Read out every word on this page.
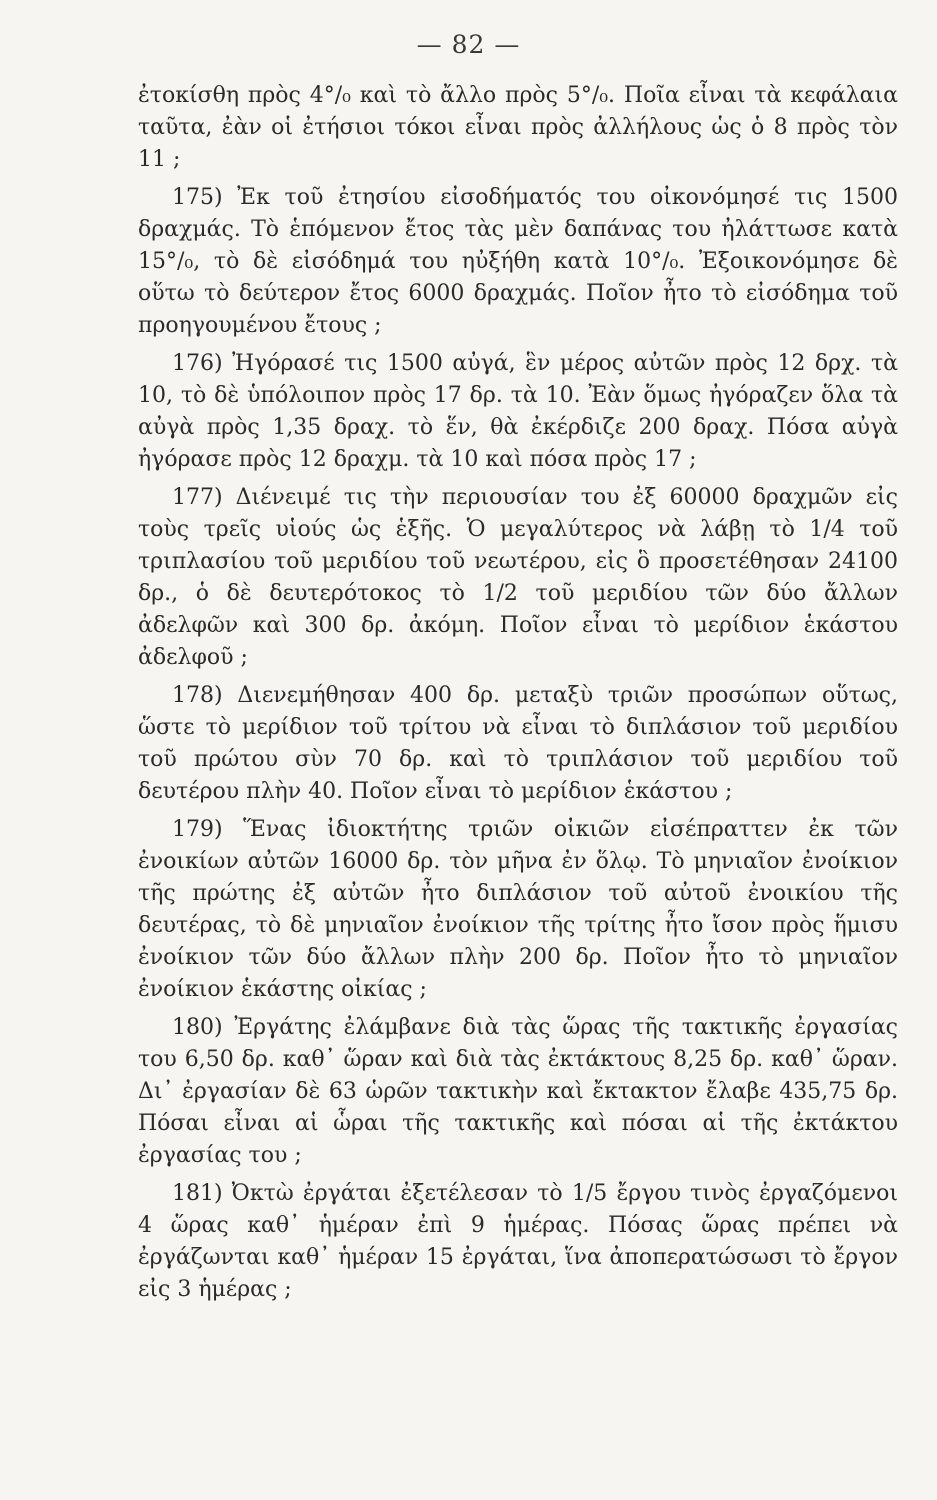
— 82 —

ἐτοκίσθη πρὸς 4°/₀ καὶ τὸ ἄλλο πρὸς 5°/₀. Ποῖα εἶναι τὰ κεφάλαια ταῦτα, ἐὰν οἱ ἐτήσιοι τόκοι εἶναι πρὸς ἀλλήλους ὡς ὁ 8 πρὸς τὸν 11 ;

175) Ἐκ τοῦ ἐτησίου εἰσοδήματός του οἰκονόμησέ τις 1500 δραχμάς. Τὸ ἑπόμενον ἔτος τὰς μὲν δαπάνας του ἠλάττωσε κατὰ 15°/₀, τὸ δὲ εἰσόδημά του ηὐξήθη κατὰ 10°/₀. Ἐξοικονόμησε δὲ οὕτω τὸ δεύτερον ἔτος 6000 δραχμάς. Ποῖον ἦτο τὸ εἰσόδημα τοῦ προηγουμένου ἔτους ;

176) Ἠγόρασέ τις 1500 αὐγά, ἓν μέρος αὐτῶν πρὸς 12 δρχ. τὰ 10, τὸ δὲ ὑπόλοιπον πρὸς 17 δρ. τὰ 10. Ἐὰν ὅμως ἠγόραζεν ὅλα τὰ αὐγὰ πρὸς 1,35 δραχ. τὸ ἕν, θὰ ἐκέρδιζε 200 δραχ. Πόσα αὐγὰ ἠγόρασε πρὸς 12 δραχμ. τὰ 10 καὶ πόσα πρὸς 17 ;

177) Διένειμέ τις τὴν περιουσίαν του ἐξ 60000 δραχμῶν εἰς τοὺς τρεῖς υἱούς ὡς ἑξῆς. Ὁ μεγαλύτερος νὰ λάβῃ τὸ 1/4 τοῦ τριπλασίου τοῦ μεριδίου τοῦ νεωτέρου, εἰς ὃ προσετέθησαν 24100 δρ., ὁ δὲ δευτερότοκος τὸ 1/2 τοῦ μεριδίου τῶν δύο ἄλλων ἀδελφῶν καὶ 300 δρ. ἀκόμη. Ποῖον εἶναι τὸ μερίδιον ἑκάστου ἀδελφοῦ ;

178) Διενεμήθησαν 400 δρ. μεταξὺ τριῶν προσώπων οὕτως, ὥστε τὸ μερίδιον τοῦ τρίτου νὰ εἶναι τὸ διπλάσιον τοῦ μεριδίου τοῦ πρώτου σὺν 70 δρ. καὶ τὸ τριπλάσιον τοῦ μεριδίου τοῦ δευτέρου πλὴν 40. Ποῖον εἶναι τὸ μερίδιον ἑκάστου ;

179) Ἕνας ἰδιοκτήτης τριῶν οἰκιῶν εἰσέπραττεν ἐκ τῶν ἐνοικίων αὐτῶν 16000 δρ. τὸν μῆνα ἐν ὅλῳ. Τὸ μηνιαῖον ἐνοίκιον τῆς πρώτης ἐξ αὐτῶν ἦτο διπλάσιον τοῦ αὐτοῦ ἐνοικίου τῆς δευτέρας, τὸ δὲ μηνιαῖον ἐνοίκιον τῆς τρίτης ἦτο ἴσον πρὸς ἥμισυ ἐνοίκιον τῶν δύο ἄλλων πλὴν 200 δρ. Ποῖον ἦτο τὸ μηνιαῖον ἐνοίκιον ἑκάστης οἰκίας ;

180) Ἐργάτης ἐλάμβανε διὰ τὰς ὥρας τῆς τακτικῆς ἐργασίας του 6,50 δρ. καθ᾽ ὥραν καὶ διὰ τὰς ἐκτάκτους 8,25 δρ. καθ᾽ ὥραν. Δι᾽ ἐργασίαν δὲ 63 ὡρῶν τακτικὴν καὶ ἔκτακτον ἔλαβε 435,75 δρ. Πόσαι εἶναι αἱ ὧραι τῆς τακτικῆς καὶ πόσαι αἱ τῆς ἐκτάκτου ἐργασίας του ;

181) Ὀκτὼ ἐργάται ἐξετέλεσαν τὸ 1/5 ἔργου τινὸς ἐργαζόμενοι 4 ὥρας καθ᾽ ἡμέραν ἐπὶ 9 ἡμέρας. Πόσας ὥρας πρέπει νὰ ἐργάζωνται καθ᾽ ἡμέραν 15 ἐργάται, ἵνα ἀποπερατώσωσι τὸ ἔργον εἰς 3 ἡμέρας ;
